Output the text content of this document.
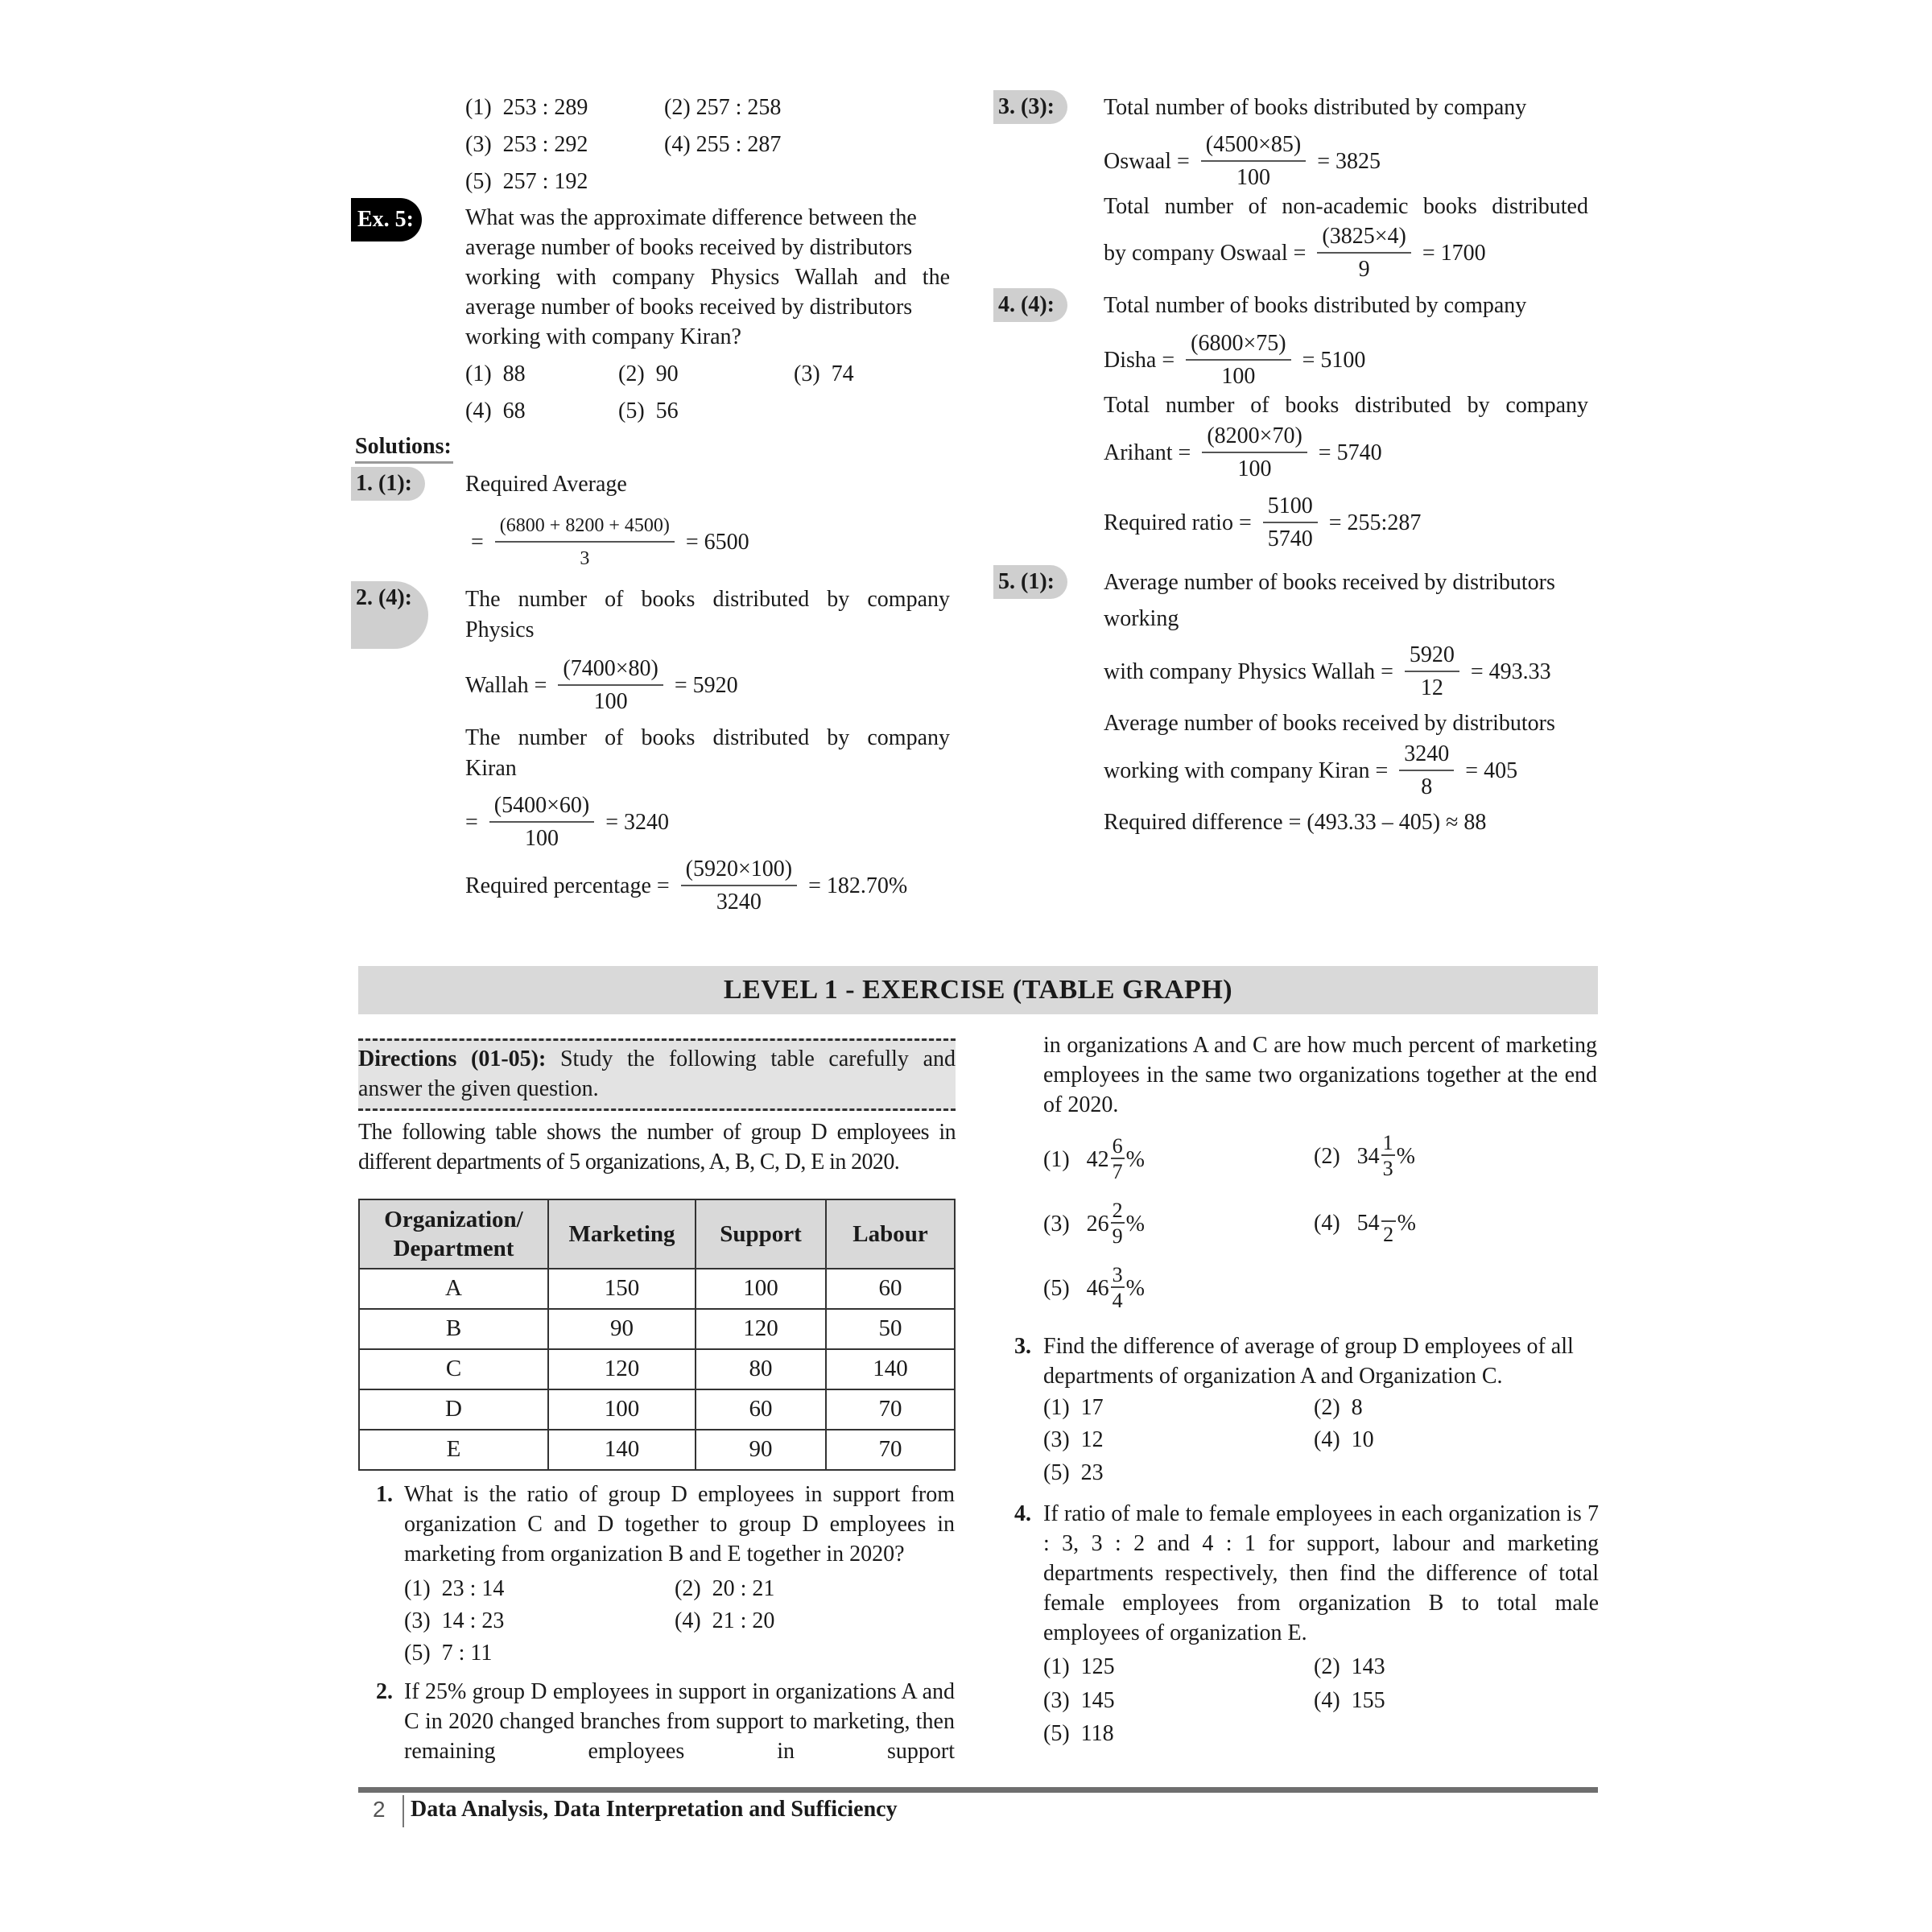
(1) 253 : 289	(2) 257 : 258
(3) 253 : 292	(4) 255 : 287
(5) 257 : 192
Ex. 5:	What was the approximate difference between the
average number of books received by distributors
working with company Physics Wallah and the
average number of books received by distributors
working with company Kiran?
(1) 88	(2) 90	(3) 74
(4) 68	(5) 56
Solutions:
1. (1):	Required Average
= $\frac{(6800 + 8200 + 4500)}{3} = 6500$
2. (4):	The number of books distributed by company
Physics
Wallah = $\frac{(7400\times 80)}{100} = 5920$
The number of books distributed by company
Kiran
= $\frac{(5400\times 60)}{100} = 3240$
Required percentage = $\frac{(5920\times 100)}{3240} = 182.70\%$
3. (3):	Total number of books distributed by company
Oswaal = $\frac{(4500\times 85)}{100} = 3825$
Total number of non-academic books distributed
by company Oswaal = $\frac{(3825\times 4)}{9} = 1700$
4. (4):	Total number of books distributed by company
Disha = $\frac{(6800\times 75)}{100} = 5100$
Total number of books distributed by company
Arihant = $\frac{(8200\times 70)}{100} = 5740$
Required ratio = $\frac{5100}{5740}$ = 255:287
5. (1):	Average number of books received by distributors
working
with company Physics Wallah = $\frac{5920}{12} = 493.33$
Average number of books received by distributors
working with company Kiran = $\frac{3240}{8} = 405$
Required difference = (493.33 – 405) ≈ 88
LEVEL 1 - EXERCISE (TABLE GRAPH)
Directions (01-05): Study the following table carefully and answer the given question.
The following table shows the number of group D employees in different departments of 5 organizations, A, B, C, D, E in 2020.
Organization/ Department	Marketing	Support	Labour
A	150	100	60
B	90	120	50
C	120	80	140
D	100	60	70
E	140	90	70
1. What is the ratio of group D employees in support from organization C and D together to group D employees in marketing from organization B and E together in 2020?
(1) 23 : 14	(2) 20 : 21
(3) 14 : 23	(4) 21 : 20
(5) 7 : 11
2. If 25% group D employees in support in organizations A and C in 2020 changed branches from support to marketing, then remaining employees in support
in organizations A and C are how much percent of marketing employees in the same two organizations together at the end of 2020.
(1)
$42 \frac{6}{7}$ %	(2)
$34 \frac{1}{3}$ %
(3)
$26 \frac{2}{9}$ %	(4)
54 2 %
(5)
$46 \frac{3}{4}$ %
3. Find the difference of average of group D employees of all departments of organization A and Organization C.
(1) 17	(2) 8
(3) 12	(4) 10
(5) 23
4. If ratio of male to female employees in each organization is 7 : 3, 3 : 2 and 4 : 1 for support, labour and marketing departments respectively, then find the difference of total female employees from organization B to total male employees of organization E.
(1) 125	(2) 143
(3) 145	(4) 155
(5) 118
2 Data Analysis, Data Interpretation and Sufficiency
